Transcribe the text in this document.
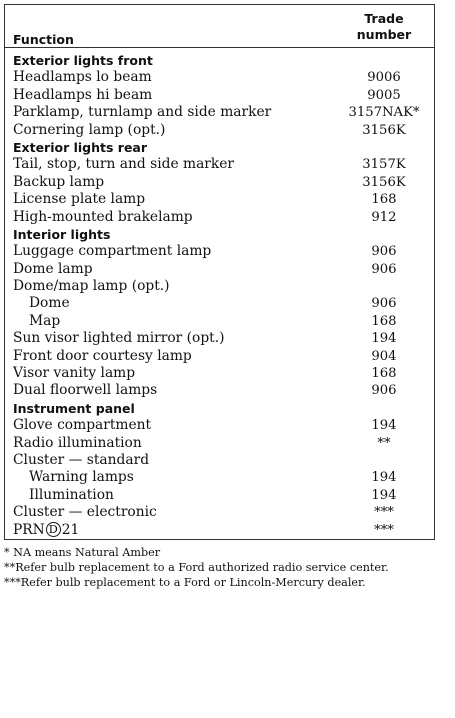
Function
Trade
number
Exterior lights front
Headlamps lo beam	9006
Headlamps hi beam	9005
Parklamp, turnlamp and side marker	3157NAK*
Cornering lamp (opt.)	3156K
Exterior lights rear
Tail, stop, turn and side marker	3157K
Backup lamp	3156K
License plate lamp	168
High-mounted brakelamp	912
Interior lights
Luggage compartment lamp	906
Dome lamp	906
Dome/map lamp (opt.)
Dome	906
Map	168
Sun visor lighted mirror (opt.)	194
Front door courtesy lamp	904
Visor vanity lamp	168
Dual floorwell lamps	906
Instrument panel
Glove compartment	194
Radio illumination	**
Cluster — standard
Warning lamps	194
Illumination	194
Cluster — electronic	***
PRN D 21	***
* NA means Natural Amber
**Refer bulb replacement to a Ford authorized radio service center.
***Refer bulb replacement to a Ford or Lincoln-Mercury dealer.
